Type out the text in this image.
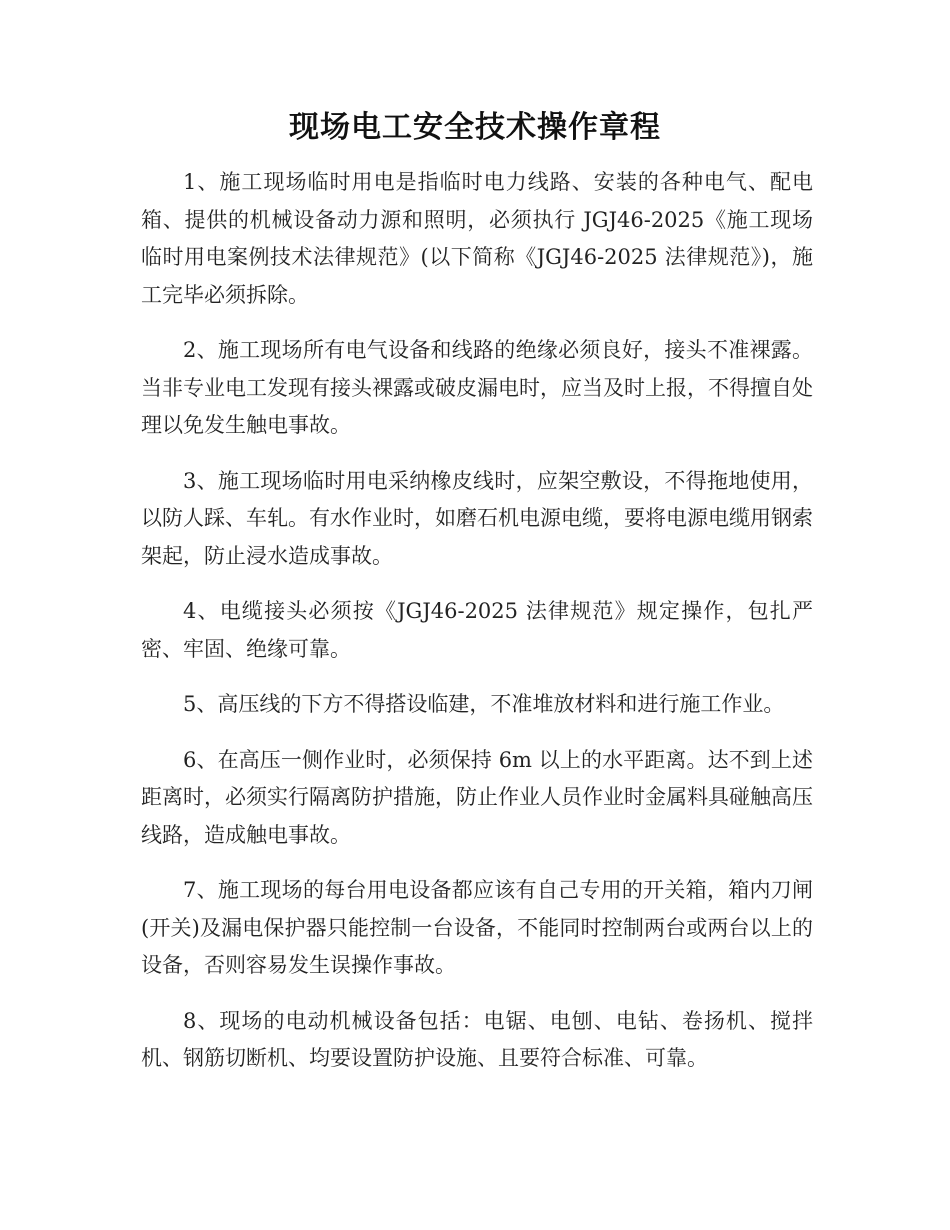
现场电工安全技术操作章程

1、施工现场临时用电是指临时电力线路、安装的各种电气、配电箱、提供的机械设备动力源和照明，必须执行 JGJ46-2025《施工现场临时用电案例技术法律规范》(以下简称《JGJ46-2025 法律规范》)，施工完毕必须拆除。

2、施工现场所有电气设备和线路的绝缘必须良好，接头不准裸露。当非专业电工发现有接头裸露或破皮漏电时，应当及时上报，不得擅自处理以免发生触电事故。

3、施工现场临时用电采纳橡皮线时，应架空敷设，不得拖地使用，以防人踩、车轧。有水作业时，如磨石机电源电缆，要将电源电缆用钢索架起，防止浸水造成事故。

4、电缆接头必须按《JGJ46-2025 法律规范》规定操作，包扎严密、牢固、绝缘可靠。

5、高压线的下方不得搭设临建，不准堆放材料和进行施工作业。

6、在高压一侧作业时，必须保持 6m 以上的水平距离。达不到上述距离时，必须实行隔离防护措施，防止作业人员作业时金属料具碰触高压线路，造成触电事故。

7、施工现场的每台用电设备都应该有自己专用的开关箱，箱内刀闸(开关)及漏电保护器只能控制一台设备，不能同时控制两台或两台以上的设备，否则容易发生误操作事故。

8、现场的电动机械设备包括：电锯、电刨、电钻、卷扬机、搅拌机、钢筋切断机、均要设置防护设施、且要符合标准、可靠。
